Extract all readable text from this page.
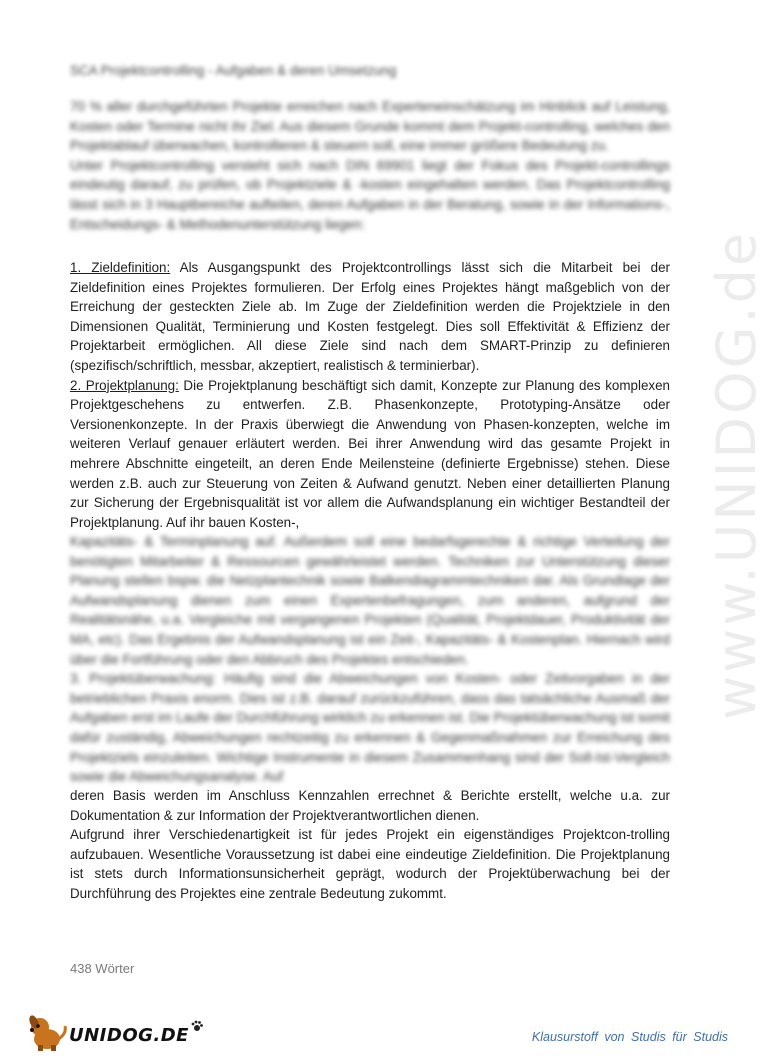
www.UNIDOG.de
SCA Projektcontrolling - Aufgaben & deren Umsetzung

70 % aller durchgeführten Projekte erreichen nach Experteneinschätzung im Hinblick auf Leistung, Kosten oder Termine nicht ihr Ziel. Aus diesem Grunde kommt dem Projekt-controlling, welches den Projektablauf überwachen, kontrollieren & steuern soll, eine immer größere Bedeutung zu.

Unter Projektcontrolling versteht sich nach DIN 69901 liegt der Fokus des Projekt-controllings eindeutig darauf, zu prüfen, ob Projektziele & -kosten eingehalten werden. Das Projektcontrolling lässt sich in 3 Hauptbereiche aufteilen, deren Aufgaben in der Beratung, sowie in der Informations-, Entscheidungs- & Methodenunterstützung liegen:

1. Zieldefinition: Als Ausgangspunkt des Projektcontrollings lässt sich die Mitarbeit bei der Zieldefinition eines Projektes formulieren. Der Erfolg eines Projektes hängt maßgeblich von der Erreichung der gesteckten Ziele ab. Im Zuge der Zieldefinition werden die Projektziele in den Dimensionen Qualität, Terminierung und Kosten festgelegt. Dies soll Effektivität & Effizienz der Projektarbeit ermöglichen. All diese Ziele sind nach dem SMART-Prinzip zu definieren (spezifisch/schriftlich, messbar, akzeptiert, realistisch & terminierbar).

2. Projektplanung: Die Projektplanung beschäftigt sich damit, Konzepte zur Planung des komplexen Projektgeschehens zu entwerfen. Z.B. Phasenkonzepte, Prototyping-Ansätze oder Versionenkonzepte. In der Praxis überwiegt die Anwendung von Phasen-konzepten, welche im weiteren Verlauf genauer erläutert werden. Bei ihrer Anwendung wird das gesamte Projekt in mehrere Abschnitte eingeteilt, an deren Ende Meilensteine (definierte Ergebnisse) stehen. Diese werden z.B. auch zur Steuerung von Zeiten & Aufwand genutzt. Neben einer detaillierten Planung zur Sicherung der Ergebnisqualität ist vor allem die Aufwandsplanung ein wichtiger Bestandteil der Projektplanung. Auf ihr bauen Kosten-,

Kapazitäts- & Terminplanung auf. Außerdem soll eine bedarfsgerechte & richtige Verteilung der benötigten Mitarbeiter & Ressourcen gewährleistet werden. Techniken zur Unterstützung dieser Planung stellen bspw. die Netzplantechnik sowie Balkendiagrammtechniken dar. Als Grundlage der Aufwandsplanung dienen zum einen Expertenbefragungen, zum anderen, aufgrund der Realitätsnähe, u.a. Vergleiche mit vergangenen Projekten (Qualität, Projektdauer, Produktivität der MA, etc). Das Ergebnis der Aufwandsplanung ist ein Zeit-, Kapazitäts- & Kostenplan. Hiernach wird über die Fortführung oder den Abbruch des Projektes entschieden.

3. Projektüberwachung: Häufig sind die Abweichungen von Kosten- oder Zeitvorgaben in der betrieblichen Praxis enorm. Dies ist z.B. darauf zurückzuführen, dass das tatsächliche Ausmaß der Aufgaben erst im Laufe der Durchführung wirklich zu erkennen ist. Die Projektüberwachung ist somit dafür zuständig, Abweichungen rechtzeitig zu erkennen & Gegenmaßnahmen zur Erreichung des Projektziels einzuleiten. Wichtige Instrumente in diesem Zusammenhang sind der Soll-Ist-Vergleich sowie die Abweichungsanalyse. Auf

deren Basis werden im Anschluss Kennzahlen errechnet & Berichte erstellt, welche u.a. zur Dokumentation & zur Information der Projektverantwortlichen dienen.

Aufgrund ihrer Verschiedenartigkeit ist für jedes Projekt ein eigenständiges Projektcon-trolling aufzubauen. Wesentliche Voraussetzung ist dabei eine eindeutige Zieldefinition. Die Projektplanung ist stets durch Informationsunsicherheit geprägt, wodurch der Projektüberwachung bei der Durchführung des Projektes eine zentrale Bedeutung zukommt.

438 Wörter
UNIDOG.DE	Klausurstoff von Studis für Studis
